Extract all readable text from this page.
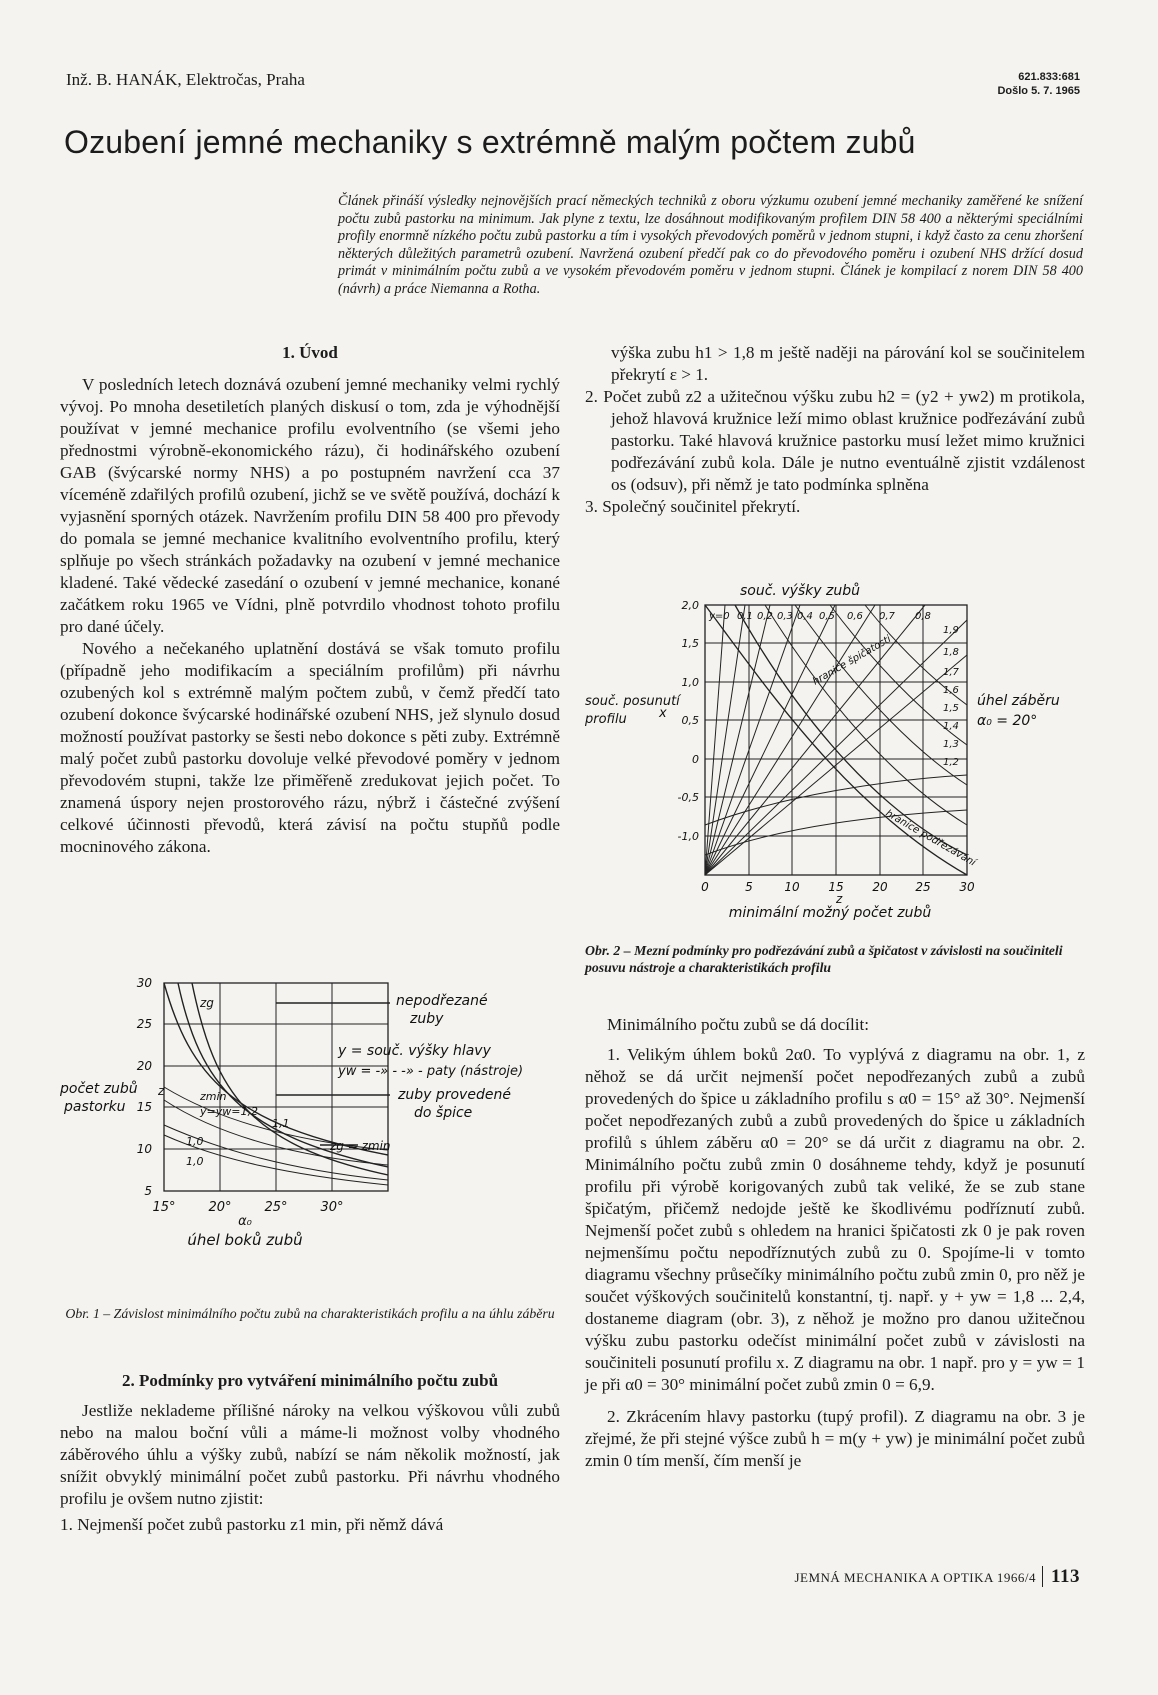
Inž. B. HANÁK, Elektročas, Praha	621.833:681
Došlo 5. 7. 1965
Ozubení jemné mechaniky s extrémně malým počtem zubů
Článek přináší výsledky nejnovějších prací německých techniků z oboru výzkumu ozubení jemné mechaniky zaměřené ke snížení počtu zubů pastorku na minimum. Jak plyne z textu, lze dosáhnout modifikovaným profilem DIN 58 400 a některými speciálními profily enormně nízkého počtu zubů pastorku a tím i vysokých převodových poměrů v jednom stupni, i když často za cenu zhoršení některých důležitých parametrů ozubení. Navržená ozubení předčí pak co do převodového poměru i ozubení NHS držící dosud primát v minimálním počtu zubů a ve vysokém převodovém poměru v jednom stupni. Článek je kompilací z norem DIN 58 400 (návrh) a práce Niemanna a Rotha.
1. Úvod

V posledních letech doznává ozubení jemné mechaniky velmi rychlý vývoj. Po mnoha desetiletích planých diskusí o tom, zda je výhodnější používat v jemné mechanice profilu evolventního (se všemi jeho přednostmi výrobně-ekonomického rázu), či hodinářského ozubení GAB (švýcarské normy NHS) a po postupném navržení cca 37 víceméně zdařilých profilů ozubení, jichž se ve světě používá, dochází k vyjasnění sporných otázek. Navržením profilu DIN 58 400 pro převody do pomala se jemné mechanice kvalitního evolventního profilu, který splňuje po všech stránkách požadavky na ozubení v jemné mechanice kladené. Také vědecké zasedání o ozubení v jemné mechanice, konané začátkem roku 1965 ve Vídni, plně potvrdilo vhodnost tohoto profilu pro dané účely.

Nového a nečekaného uplatnění dostává se však tomuto profilu (případně jeho modifikacím a speciálním profilům) při návrhu ozubených kol s extrémně malým počtem zubů, v čemž předčí tato ozubení dokonce švýcarské hodinářské ozubení NHS, jež slynulo dosud možností používat pastorky se šesti nebo dokonce s pěti zuby. Extrémně malý počet zubů pastorku dovoluje velké převodové poměry v jednom převodovém stupni, takže lze přiměřeně zredukovat jejich počet. To znamená úspory nejen prostorového rázu, nýbrž i částečné zvýšení celkové účinnosti převodů, která závisí na počtu stupňů podle mocninového zákona.

30
25
20
15
10
5
15°	20°	25°	30°
α₀
úhel boků zubů
počet zubů
pastorku
z
zg
zmin
y=yw=1,2
zg = zmin
1,1
1,0
1,0
nepodřezané
zuby
y = souč. výšky hlavy
yw = -» - -» - paty (nástroje)
zuby provedené
do špice
Obr. 1 – Závislost minimálního počtu zubů na charakteristikách profilu a na úhlu záběru
2. Podmínky pro vytváření minimálního počtu zubů

Jestliže neklademe přílišné nároky na velkou výškovou vůli zubů nebo na malou boční vůli a máme-li možnost volby vhodného záběrového úhlu a výšky zubů, nabízí se nám několik možností, jak snížit obvyklý minimální počet zubů pastorku. Při návrhu vhodného profilu je ovšem nutno zjistit:

1. Nejmenší počet zubů pastorku z1 min, při němž dává

výška zubu h1 > 1,8 m ještě naději na párování kol se součinitelem překrytí ε > 1.

2. Počet zubů z2 a užitečnou výšku zubu h2 = (y2 + yw2) m protikola, jehož hlavová kružnice leží mimo oblast kružnice podřezávání zubů pastorku. Také hlavová kružnice pastorku musí ležet mimo kružnici podřezávání zubů kola. Dále je nutno eventuálně zjistit vzdálenost os (odsuv), při němž je tato podmínka splněna

3. Společný součinitel překrytí.

2,0
1,5
1,0
0,5
0
-0,5
-1,0
0	5	10 15 20 25 30
z
minimální možný počet zubů
souč. výšky zubů
y=0 0,1 0,2 0,3 0,4 0,5 0,6 0,7 0,8
1,9
1,8
1,7
1,6
1,5
1,4
1,3
1,2
souč. posunutí
profilu x
úhel záběru
α₀ = 20°
hranice špičatosti
hranice podřezávání
Obr. 2 – Mezní podmínky pro podřezávání zubů a špičatost v závislosti na součiniteli posuvu nástroje a charakteristikách profilu

Minimálního počtu zubů se dá docílit:

1. Velikým úhlem boků 2α0. To vyplývá z diagramu na obr. 1, z něhož se dá určit nejmenší počet nepodřezaných zubů a zubů provedených do špice u základního profilu s α0 = 15° až 30°. Nejmenší počet nepodřezaných zubů a zubů provedených do špice u základních profilů s úhlem záběru α0 = 20° se dá určit z diagramu na obr. 2. Minimálního počtu zubů zmin 0 dosáhneme tehdy, když je posunutí profilu při výrobě korigovaných zubů tak veliké, že se zub stane špičatým, přičemž nedojde ještě ke škodlivému podříznutí zubů. Nejmenší počet zubů s ohledem na hranici špičatosti zk 0 je pak roven nejmenšímu počtu nepodříznutých zubů zu 0. Spojíme-li v tomto diagramu všechny průsečíky minimálního počtu zubů zmin 0, pro něž je součet výškových součinitelů konstantní, tj. např. y + yw = 1,8 ... 2,4, dostaneme diagram (obr. 3), z něhož je možno pro danou užitečnou výšku zubu pastorku odečíst minimální počet zubů v závislosti na součiniteli posunutí profilu x. Z diagramu na obr. 1 např. pro y = yw = 1 je při α0 = 30° minimální počet zubů zmin 0 = 6,9.

2. Zkrácením hlavy pastorku (tupý profil). Z diagramu na obr. 3 je zřejmé, že při stejné výšce zubů h = m(y + yw) je minimální počet zubů zmin 0 tím menší, čím menší je

JEMNÁ MECHANIKA A OPTIKA 1966/4 113
